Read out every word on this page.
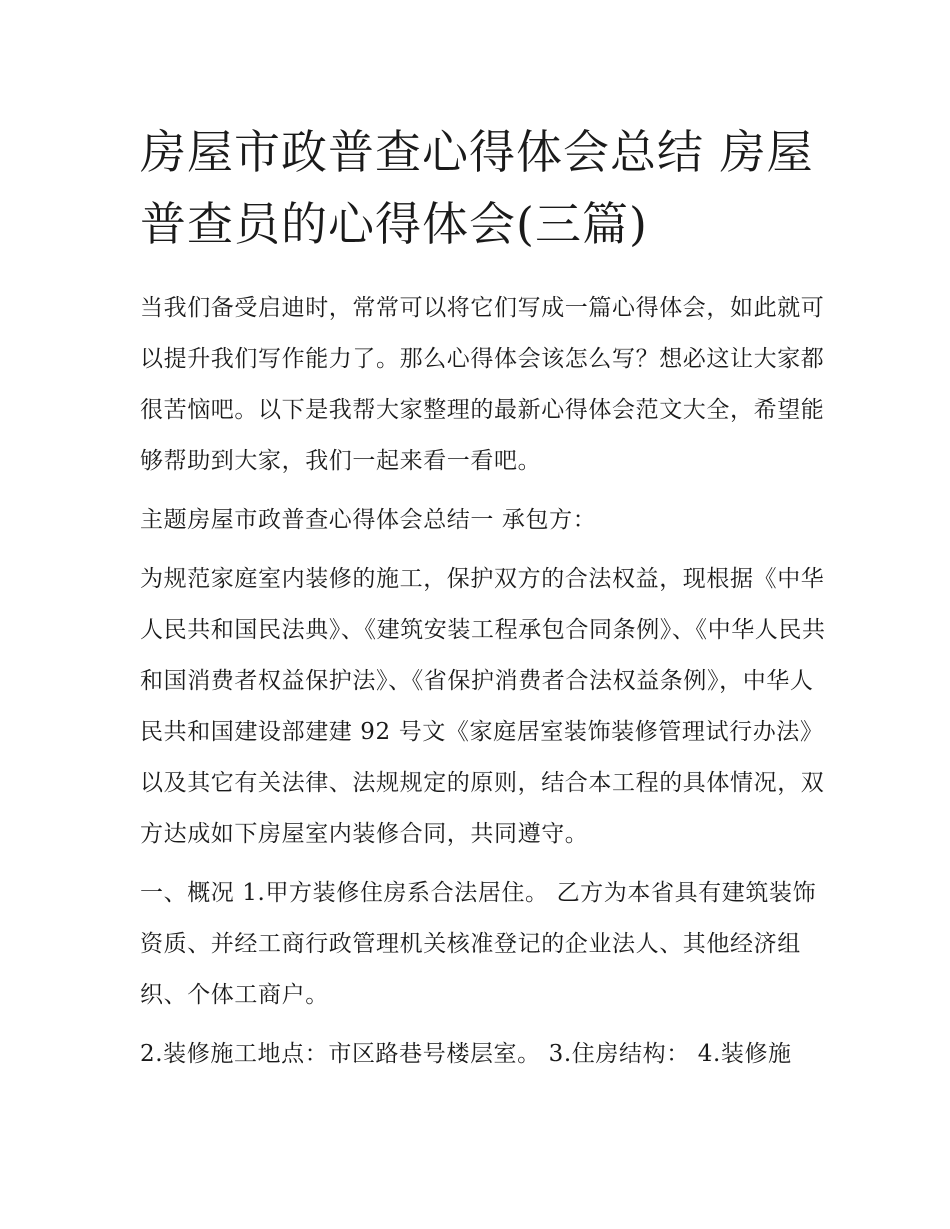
房屋市政普查心得体会总结 房屋普查员的心得体会(三篇)

当我们备受启迪时，常常可以将它们写成一篇心得体会，如此就可以提升我们写作能力了。那么心得体会该怎么写？想必这让大家都很苦恼吧。以下是我帮大家整理的最新心得体会范文大全，希望能够帮助到大家，我们一起来看一看吧。

主题房屋市政普查心得体会总结一 承包方：

为规范家庭室内装修的施工，保护双方的合法权益，现根据《中华人民共和国民法典》、《建筑安装工程承包合同条例》、《中华人民共和国消费者权益保护法》、《省保护消费者合法权益条例》，中华人民共和国建设部建建 92 号文《家庭居室装饰装修管理试行办法》以及其它有关法律、法规规定的原则，结合本工程的具体情况，双方达成如下房屋室内装修合同，共同遵守。

一、概况 1.甲方装修住房系合法居住。 乙方为本省具有建筑装饰资质、并经工商行政管理机关核准登记的企业法人、其他经济组织、个体工商户。

2.装修施工地点：市区路巷号楼层室。 3.住房结构： 4.装修施
